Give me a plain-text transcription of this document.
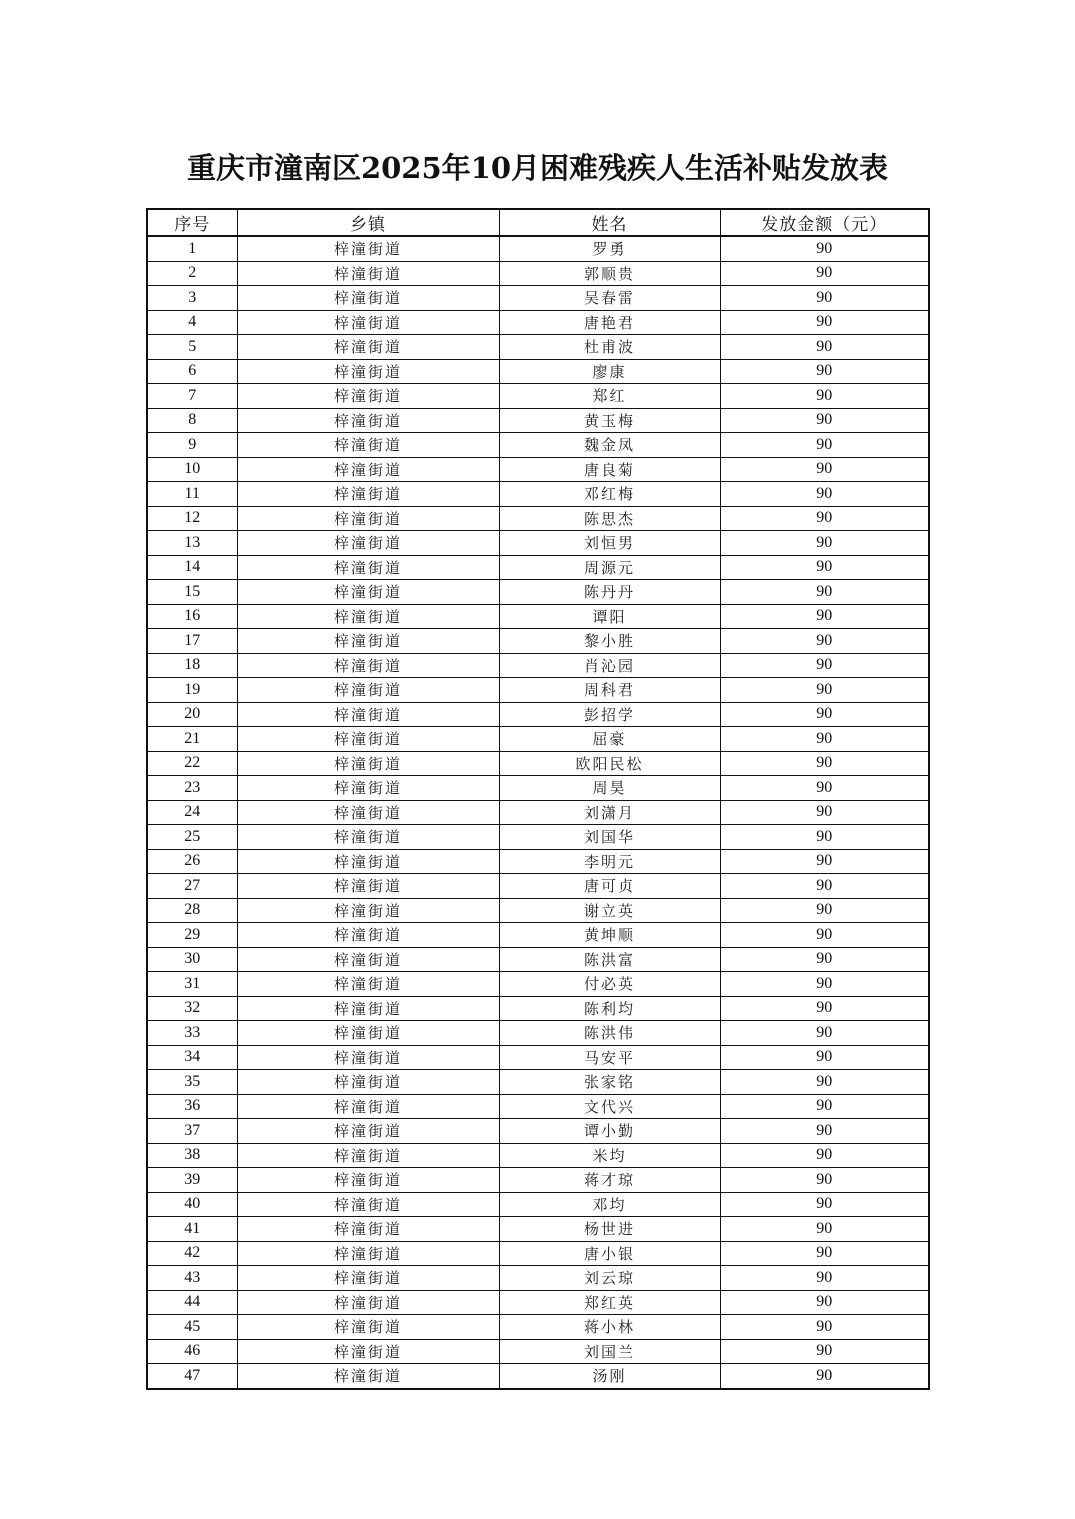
重庆市潼南区2025年10月困难残疾人生活补贴发放表
序号	乡镇	姓名	发放金额（元）
1	梓潼街道	罗勇	90
2	梓潼街道	郭顺贵	90
3	梓潼街道	吴春雷	90
4	梓潼街道	唐艳君	90
5	梓潼街道	杜甫波	90
6	梓潼街道	廖康	90
7	梓潼街道	郑红	90
8	梓潼街道	黄玉梅	90
9	梓潼街道	魏金凤	90
10	梓潼街道	唐良菊	90
11	梓潼街道	邓红梅	90
12	梓潼街道	陈思杰	90
13	梓潼街道	刘恒男	90
14	梓潼街道	周源元	90
15	梓潼街道	陈丹丹	90
16	梓潼街道	谭阳	90
17	梓潼街道	黎小胜	90
18	梓潼街道	肖沁园	90
19	梓潼街道	周科君	90
20	梓潼街道	彭招学	90
21	梓潼街道	屈豪	90
22	梓潼街道	欧阳民松	90
23	梓潼街道	周昊	90
24	梓潼街道	刘潇月	90
25	梓潼街道	刘国华	90
26	梓潼街道	李明元	90
27	梓潼街道	唐可贞	90
28	梓潼街道	谢立英	90
29	梓潼街道	黄坤顺	90
30	梓潼街道	陈洪富	90
31	梓潼街道	付必英	90
32	梓潼街道	陈利均	90
33	梓潼街道	陈洪伟	90
34	梓潼街道	马安平	90
35	梓潼街道	张家铭	90
36	梓潼街道	文代兴	90
37	梓潼街道	谭小勤	90
38	梓潼街道	米均	90
39	梓潼街道	蒋才琼	90
40	梓潼街道	邓均	90
41	梓潼街道	杨世进	90
42	梓潼街道	唐小银	90
43	梓潼街道	刘云琼	90
44	梓潼街道	郑红英	90
45	梓潼街道	蒋小林	90
46	梓潼街道	刘国兰	90
47	梓潼街道	汤刚	90
